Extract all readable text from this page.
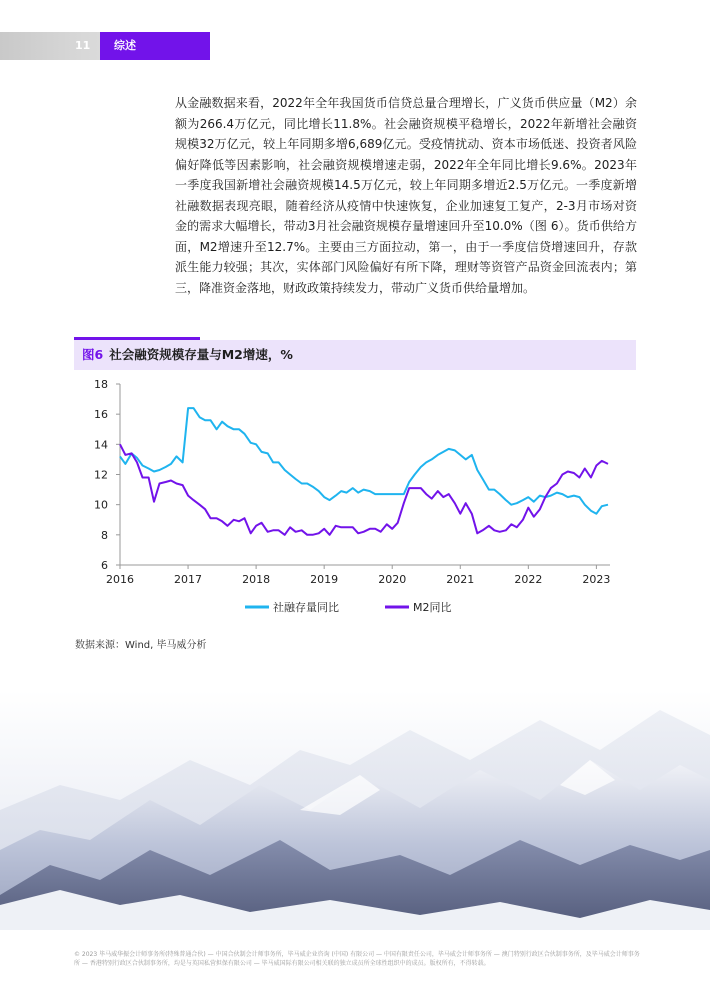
11	综述

从金融数据来看，2022年全年我国货币信贷总量合理增长，广义货币供应量（M2）余额为266.4万亿元，同比增长11.8%。社会融资规模平稳增长，2022年新增社会融资规模32万亿元，较上年同期多增6,689亿元。受疫情扰动、资本市场低迷、投资者风险偏好降低等因素影响，社会融资规模增速走弱，2022年全年同比增长9.6%。2023年一季度我国新增社会融资规模14.5万亿元，较上年同期多增近2.5万亿元。一季度新增社融数据表现亮眼，随着经济从疫情中快速恢复，企业加速复工复产，2-3月市场对资金的需求大幅增长，带动3月社会融资规模存量增速回升至10.0%（图 6）。货币供给方面，M2增速升至12.7%。主要由三方面拉动，第一，由于一季度信贷增速回升，存款派生能力较强；其次，实体部门风险偏好有所下降，理财等资管产品资金回流表内；第三，降准资金落地，财政政策持续发力，带动广义货币供给量增加。

图6 社会融资规模存量与M2增速，%
6
8
10
12
14
16
18
2016	2017	2018	2019	2020	2021	2022	2023
社融存量同比	M2同比
数据来源：Wind, 毕马威分析
© 2023 毕马威华振会计师事务所(特殊普通合伙) — 中国合伙制会计师事务所，毕马威企业咨询 (中国) 有限公司 — 中国有限责任公司，毕马威会计师事务所 — 澳门特别行政区合伙制事务所，及毕马威会计师事务所 — 香港特别行政区合伙制事务所，均是与英国私营担保有限公司 — 毕马威国际有限公司相关联的独立成员所全球性组织中的成员。版权所有，不得转载。
